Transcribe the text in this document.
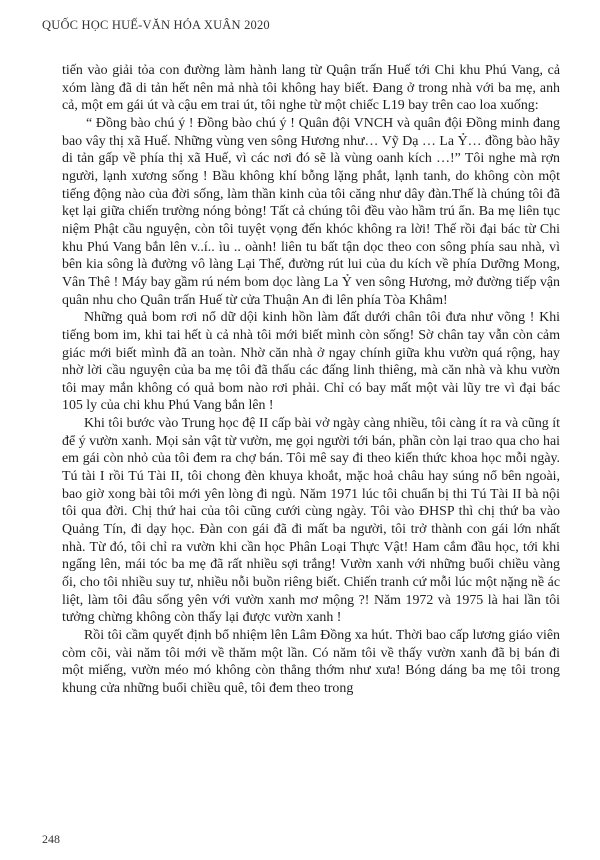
QUỐC HỌC HUẾ-VĂN HÓA XUÂN 2020

tiến vào giải tỏa con đường làm hành lang từ Quận trấn Huế tới Chi khu Phú Vang, cả xóm làng đã di tản hết nên mả nhà tôi không hay biết. Đang ở trong nhà với ba mẹ, anh cả, một em gái út và cậu em trai út, tôi nghe từ một chiếc L19 bay trên cao loa xuống:

“ Đồng bào chú ý ! Đồng bào chú ý ! Quân đội VNCH và quân đội Đồng minh đang bao vây thị xã Huế. Những vùng ven sông Hương như… Vỹ Dạ … La Ỷ… đồng bào hãy di tản gấp về phía thị xã Huế, vì các nơi đó sẽ là vùng oanh kích …!” Tôi nghe mà rợn người, lạnh xương sống ! Bầu không khí bỗng lặng phắt, lạnh tanh, do không còn một tiếng động nào của đời sống, làm thần kinh của tôi căng như dây đàn.Thế là chúng tôi đã kẹt lại giữa chiến trường nóng bỏng! Tất cả chúng tôi đều vào hầm trú ẩn. Ba mẹ liên tục niệm Phật cầu nguyện, còn tôi tuyệt vọng đến khóc không ra lời! Thế rồi đại bác từ Chi khu Phú Vang bắn lên v..í.. ìu .. oành! liên tu bất tận dọc theo con sông phía sau nhà, vì bên kia sông là đường vô làng Lại Thế, đường rút lui của du kích về phía Dưỡng Mong, Vân Thê ! Máy bay gầm rú ném bom dọc làng La Ỷ ven sông Hương, mở đường tiếp vận quân nhu cho Quân trấn Huế từ cửa Thuận An đi lên phía Tòa Khâm!

Những quả bom rơi nổ dữ dội kinh hồn làm đất dưới chân tôi đưa như võng ! Khi tiếng bom im, khi tai hết ù cả nhà tôi mới biết mình còn sống! Sờ chân tay vẫn còn cảm giác mới biết mình đã an toàn. Nhờ căn nhà ở ngay chính giữa khu vườn quá rộng, hay nhờ lời cầu nguyện của ba mẹ tôi đã thấu các đấng linh thiêng, mà căn nhà và khu vườn tôi may mắn không có quả bom nào rơi phải. Chỉ có bay mất một vài lũy tre vì đại bác 105 ly của chi khu Phú Vang bắn lên !

Khi tôi bước vào Trung học đệ II cấp bài vở ngày càng nhiều, tôi càng ít ra và cũng ít để ý vườn xanh. Mọi sản vật từ vườn, mẹ gọi người tới bán, phần còn lại trao qua cho hai em gái còn nhỏ của tôi đem ra chợ bán. Tôi mê say đi theo kiến thức khoa học mỗi ngày. Tú tài I rồi Tú Tài II, tôi chong đèn khuya khoắt, mặc hoả châu hay súng nổ bên ngoài, bao giờ xong bài tôi mới yên lòng đi ngủ. Năm 1971 lúc tôi chuẩn bị thi Tú Tài II bà nội tôi qua đời. Chị thứ hai của tôi cũng cưới cùng ngày. Tôi vào ĐHSP thì chị thứ ba vào Quảng Tín, đi dạy học. Đàn con gái đã đi mất ba người, tôi trở thành con gái lớn nhất nhà. Từ đó, tôi chỉ ra vườn khi cần học Phân Loại Thực Vật! Ham cắm đầu học, tới khi ngẩng lên, mái tóc ba mẹ đã rất nhiều sợi trắng! Vườn xanh với những buổi chiều vàng ối, cho tôi nhiều suy tư, nhiều nỗi buồn riêng biết. Chiến tranh cứ mỗi lúc một nặng nề ác liệt, làm tôi đâu sống yên với vườn xanh mơ mộng ?! Năm 1972 và 1975 là hai lần tôi tưởng chừng không còn thấy lại được vườn xanh !

Rồi tôi cầm quyết định bổ nhiệm lên Lâm Đồng xa hút. Thời bao cấp lương giáo viên còm cõi, vài năm tôi mới về thăm một lần. Có năm tôi về thấy vườn xanh đã bị bán đi một miếng, vườn méo mó không còn thẳng thớm như xưa! Bóng dáng ba mẹ tôi trong khung cửa những buổi chiều quê, tôi đem theo trong

248
